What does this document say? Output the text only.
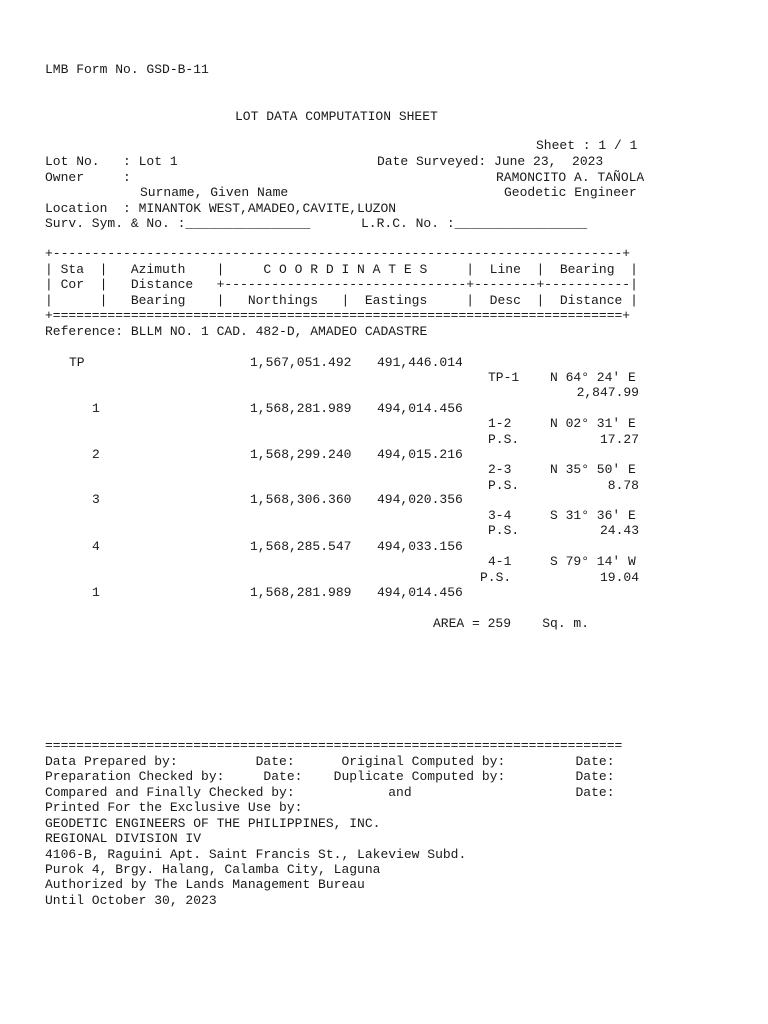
LMB Form No. GSD-B-11
LOT DATA COMPUTATION SHEET
Sheet : 1 / 1
Lot No.   : Lot 1	Date Surveyed: June 23,  2023
Owner     :	RAMONCITO A. TAÑOLA
Surname, Given Name	Geodetic Engineer
Location  : MINANTOK WEST,AMADEO,CAVITE,LUZON
Surv. Sym. & No. :________________	L.R.C. No. :_________________
+-------------------------------------------------------------------------+
| Sta  |   Azimuth    |     C O O R D I N A T E S     |  Line  |  Bearing  |
| Cor  |   Distance   +-------------------------------+--------+-----------|
|      |   Bearing    |   Northings   |  Eastings     |  Desc  |  Distance |
+=========================================================================+
Reference: BLLM NO. 1 CAD. 482-D, AMADEO CADASTRE
TP	1,567,051.492 491,446.014
TP-1 N 64° 24' E
2,847.99
1	1,568,281.989 494,014.456
1-2	N 02° 31' E
P.S.	17.27
2	1,568,299.240 494,015.216
2-3	N 35° 50' E
P.S.	8.78
3	1,568,306.360 494,020.356
3-4	S 31° 36' E
P.S.	24.43
4	1,568,285.547 494,033.156
4-1	S 79° 14' W
P.S.	19.04
1	1,568,281.989 494,014.456
AREA = 259    Sq. m.
==========================================================================
Data Prepared by:          Date:      Original Computed by:         Date:
Preparation Checked by:     Date:    Duplicate Computed by:         Date:
Compared and Finally Checked by:            and                     Date:
Printed For the Exclusive Use by:
GEODETIC ENGINEERS OF THE PHILIPPINES, INC.
REGIONAL DIVISION IV
4106-B, Raguini Apt. Saint Francis St., Lakeview Subd.
Purok 4, Brgy. Halang, Calamba City, Laguna
Authorized by The Lands Management Bureau
Until October 30, 2023
